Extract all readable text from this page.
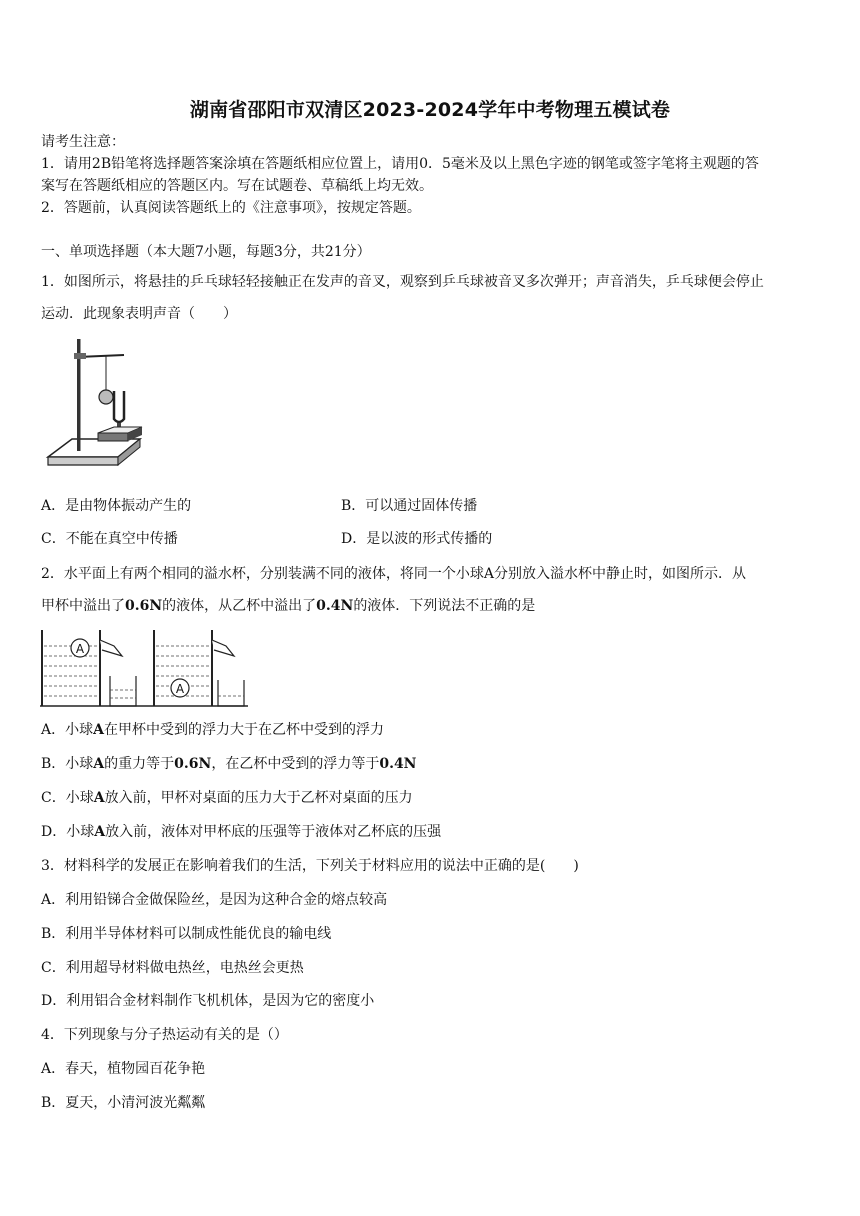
湖南省邵阳市双清区2023-2024学年中考物理五模试卷
请考生注意：
1．请用2B铅笔将选择题答案涂填在答题纸相应位置上，请用0．5毫米及以上黑色字迹的钢笔或签字笔将主观题的答
案写在答题纸相应的答题区内。写在试题卷、草稿纸上均无效。
2．答题前，认真阅读答题纸上的《注意事项》，按规定答题。
一、单项选择题（本大题7小题，每题3分，共21分）
1．如图所示，将悬挂的乒乓球轻轻接触正在发声的音叉，观察到乒乓球被音叉多次弹开；声音消失，乒乓球便会停止
运动．此现象表明声音（　　）
A．是由物体振动产生的	B．可以通过固体传播
C．不能在真空中传播	D．是以波的形式传播的
2．水平面上有两个相同的溢水杯，分别装满不同的液体，将同一个小球A分别放入溢水杯中静止时，如图所示．从
甲杯中溢出了0.6N的液体，从乙杯中溢出了0.4N的液体．下列说法不正确的是
A
A
A．小球A在甲杯中受到的浮力大于在乙杯中受到的浮力
B．小球A的重力等于0.6N，在乙杯中受到的浮力等于0.4N
C．小球A放入前，甲杯对桌面的压力大于乙杯对桌面的压力
D．小球A放入前，液体对甲杯底的压强等于液体对乙杯底的压强
3．材料科学的发展正在影响着我们的生活，下列关于材料应用的说法中正确的是(　　)
A．利用铅锑合金做保险丝，是因为这种合金的熔点较高
B．利用半导体材料可以制成性能优良的输电线
C．利用超导材料做电热丝，电热丝会更热
D．利用铝合金材料制作飞机机体，是因为它的密度小
4．下列现象与分子热运动有关的是（）
A．春天，植物园百花争艳
B．夏天，小清河波光粼粼
